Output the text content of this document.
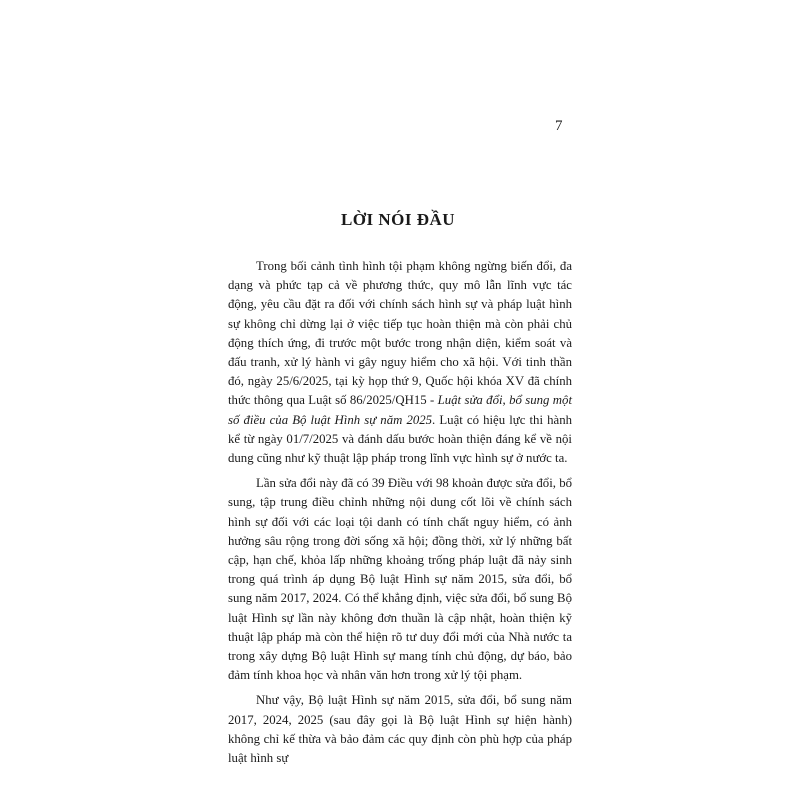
7
LỜI NÓI ĐẦU

Trong bối cảnh tình hình tội phạm không ngừng biến đổi, đa dạng và phức tạp cả về phương thức, quy mô lẫn lĩnh vực tác động, yêu cầu đặt ra đối với chính sách hình sự và pháp luật hình sự không chỉ dừng lại ở việc tiếp tục hoàn thiện mà còn phải chủ động thích ứng, đi trước một bước trong nhận diện, kiểm soát và đấu tranh, xử lý hành vi gây nguy hiểm cho xã hội. Với tinh thần đó, ngày 25/6/2025, tại kỳ họp thứ 9, Quốc hội khóa XV đã chính thức thông qua Luật số 86/2025/QH15 - Luật sửa đổi, bổ sung một số điều của Bộ luật Hình sự năm 2025. Luật có hiệu lực thi hành kể từ ngày 01/7/2025 và đánh dấu bước hoàn thiện đáng kể về nội dung cũng như kỹ thuật lập pháp trong lĩnh vực hình sự ở nước ta.

Lần sửa đổi này đã có 39 Điều với 98 khoản được sửa đổi, bổ sung, tập trung điều chỉnh những nội dung cốt lõi về chính sách hình sự đối với các loại tội danh có tính chất nguy hiểm, có ảnh hưởng sâu rộng trong đời sống xã hội; đồng thời, xử lý những bất cập, hạn chế, khỏa lấp những khoảng trống pháp luật đã nảy sinh trong quá trình áp dụng Bộ luật Hình sự năm 2015, sửa đổi, bổ sung năm 2017, 2024. Có thể khẳng định, việc sửa đổi, bổ sung Bộ luật Hình sự lần này không đơn thuần là cập nhật, hoàn thiện kỹ thuật lập pháp mà còn thể hiện rõ tư duy đổi mới của Nhà nước ta trong xây dựng Bộ luật Hình sự mang tính chủ động, dự báo, bảo đảm tính khoa học và nhân văn hơn trong xử lý tội phạm.

Như vậy, Bộ luật Hình sự năm 2015, sửa đổi, bổ sung năm 2017, 2024, 2025 (sau đây gọi là Bộ luật Hình sự hiện hành) không chỉ kế thừa và bảo đảm các quy định còn phù hợp của pháp luật hình sự
